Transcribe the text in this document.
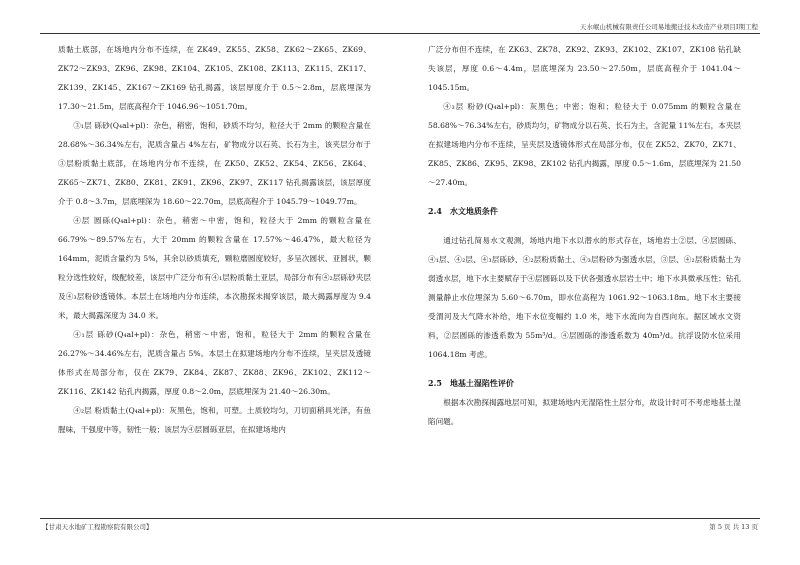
天水岷山机械有限责任公司易地搬迁技术改造产业项目Ⅰ期工程

质黏土底部，在场地内分布不连续，在 ZK49、ZK55、ZK58、ZK62～ZK65、ZK69、ZK72～ZK93、ZK96、ZK98、ZK104、ZK105、ZK108、ZK113、ZK115、ZK117、ZK139、ZK145、ZK167～ZK169 钻孔揭露，该层厚度介于 0.5～2.8m，层底埋深为 17.30～21.5m，层底高程介于 1046.96～1051.70m。

③₁层 砾砂(Q₄al+pl)：杂色，稍密，饱和，砂质不均匀，粒径大于 2mm 的颗粒含量在 28.68%～36.34%左右，泥质含量占 4%左右，矿物成分以石英、长石为主，该夹层分布于③层粉质黏土底部，在场地内分布不连续，在 ZK50、ZK52、ZK54、ZK56、ZK64、ZK65～ZK71、ZK80、ZK81、ZK91、ZK96、ZK97、ZK117 钻孔揭露该层，该层厚度介于 0.8～3.7m，层底埋深为 18.60～22.70m，层底高程介于 1045.79～1049.77m。

④层 圆砾(Q₄al+pl)：杂色，稍密～中密，饱和，粒径大于 2mm 的颗粒含量在 66.79%～89.57%左右，大于 20mm 的颗粒含量在 17.57%～46.47%，最大粒径为 164mm，泥质含量约为 5%，其余以砂质填充，颗粒磨圆度较好，多呈次圆状、亚圆状，颗粒分选性较好，级配较差，该层中广泛分布有④₁层粉质黏土亚层，局部分布有④₂层砾砂夹层及④₃层粉砂透镜体。本层土在场地内分布连续，本次勘探未揭穿该层，最大揭露厚度为 9.4 米，最大揭露深度为 34.0 米。

④₁层 砾砂(Q₄al+pl)：杂色，稍密～中密，饱和，粒径大于 2mm 的颗粒含量在 26.27%～34.46%左右，泥质含量占 5%。本层土在拟建场地内分布不连续，呈夹层及透镜体形式在局部分布，仅在 ZK79、ZK84、ZK87、ZK88、ZK96、ZK102、ZK112～ZK116、ZK142 钻孔内揭露，厚度 0.8～2.0m，层底埋深为 21.40～26.30m。

④₂层 粉质黏土(Q₄al+pl)：灰黑色，饱和，可塑。土质较均匀，刀切面稍具光泽，有鱼腥味，干强度中等，韧性一般；该层为④层圆砾亚层，在拟建场地内

广泛分布但不连续，在 ZK63、ZK78、ZK92、ZK93、ZK102、ZK107、ZK108 钻孔缺失该层，厚度 0.6～4.4m，层底埋深为 23.50～27.50m，层底高程介于 1041.04～1045.15m。

④₃层 粉砂(Q₄al+pl)：灰黑色；中密；饱和；粒径大于 0.075mm 的颗粒含量在 58.68%～76.34%左右，砂质均匀，矿物成分以石英、长石为主，含泥量 11%左右，本夹层在拟建场地内分布不连续，呈夹层及透镜体形式在局部分布，仅在 ZK52、ZK70、ZK71、ZK85、ZK86、ZK95、ZK98、ZK102 钻孔内揭露，厚度 0.5～1.6m，层底埋深为 21.50～27.40m。

2.4 水文地质条件

通过钻孔简易水文观测，场地内地下水以潜水的形式存在，场地岩土②层、④层圆砾、④₁层、④₂层、④₃层砾砂、④₂层粉质黏土、④₃层粉砂为强透水层，③层、④₂层粉质黏土为弱透水层，地下水主要赋存于④层圆砾以及下伏各强透水层岩土中；地下水具微承压性；钻孔测量静止水位埋深为 5.60～6.70m，即水位高程为 1061.92～1063.18m。地下水主要接受渭河及大气降水补给，地下水位变幅约 1.0 米，地下水流向为自西向东。据区域水文资料，②层圆砾的渗透系数为 55m³/d。④层圆砾的渗透系数为 40m³/d。抗浮设防水位采用 1064.18m 考虑。

2.5 地基土湿陷性评价

根据本次勘探揭露地层可知，拟建场地内无湿陷性土层分布，故设计时可不考虑地基土湿陷问题。

【甘肃天水地矿工程勘察院有限公司】	第 5 页 共 13 页
